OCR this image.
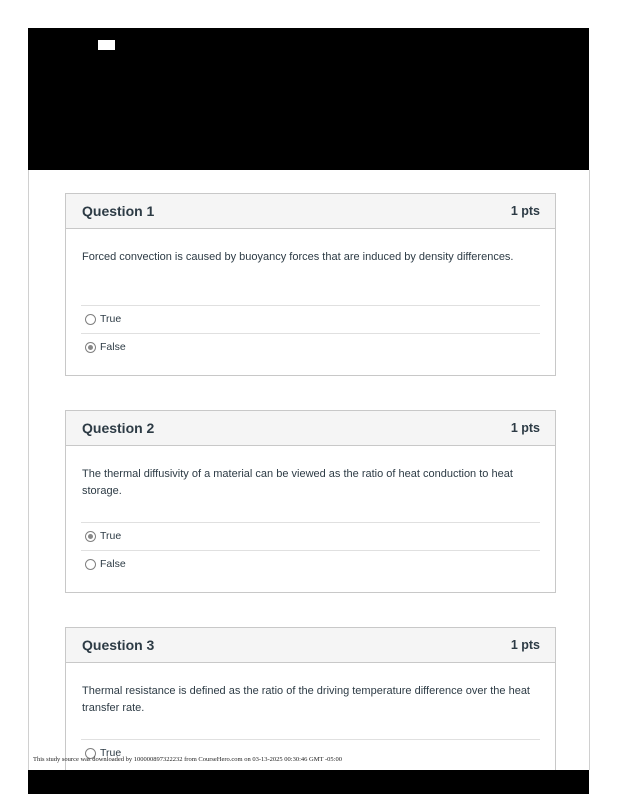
Question 1	1 pts
Forced convection is caused by buoyancy forces that are induced by density differences.
True
False
Question 2	1 pts
The thermal diffusivity of a material can be viewed as the ratio of heat conduction to heat storage.
True
False
Question 3	1 pts
Thermal resistance is defined as the ratio of the driving temperature difference over the heat transfer rate.
True
This study source was downloaded by 100000897322232 from CourseHero.com on 03-13-2025 00:30:46 GMT -05:00
